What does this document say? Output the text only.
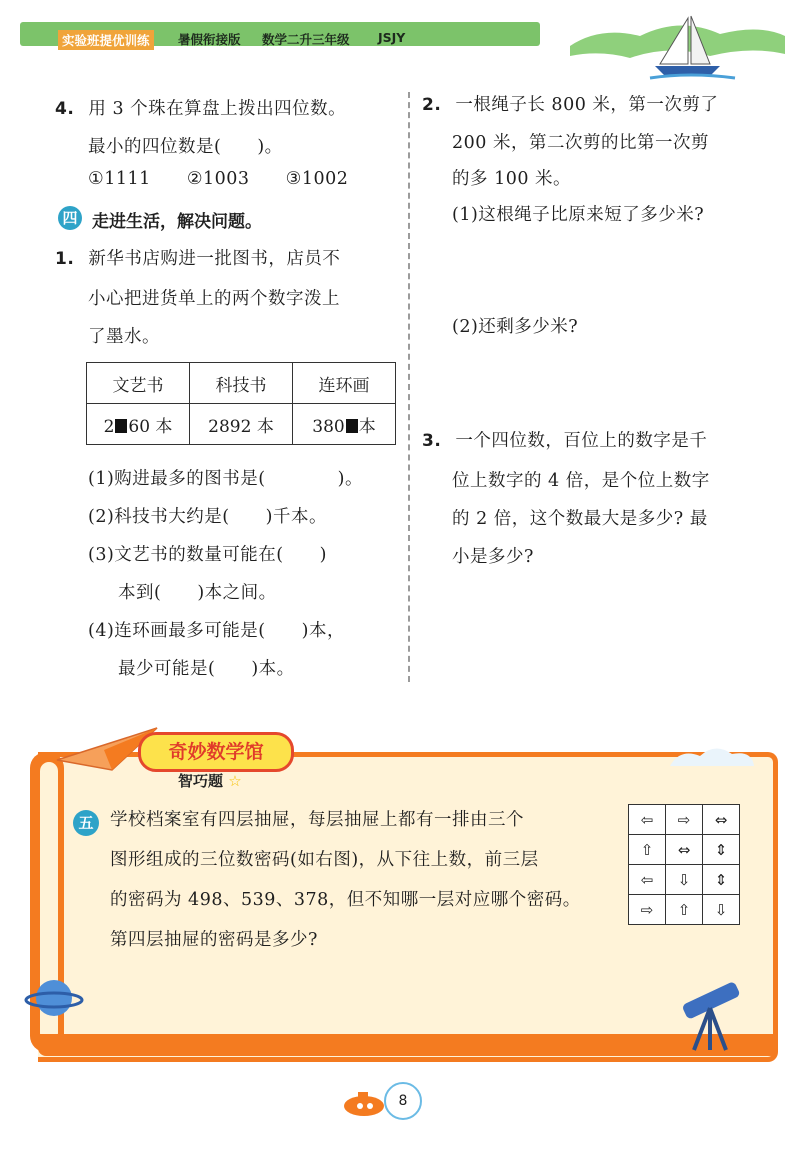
实验班提优训练	暑假衔接版 数学二升三年级 JSJY
4. 用 3 个珠在算盘上拨出四位数。
最小的四位数是(　　)。
①1111 ②1003 ③1002
四 走进生活，解决问题。
1. 新华书店购进一批图书，店员不
小心把进货单上的两个数字泼上
了墨水。
文艺书	科技书	连环画
2 60 本	2892 本	380 本
(1)购进最多的图书是(　　　　)。
(2)科技书大约是(　　)千本。
(3)文艺书的数量可能在(　　)
本到(　　)本之间。
(4)连环画最多可能是(　　)本，
最少可能是(　　)本。
2. 一根绳子长 800 米，第一次剪了
200 米，第二次剪的比第一次剪
的多 100 米。
(1)这根绳子比原来短了多少米?
(2)还剩多少米?
3. 一个四位数，百位上的数字是千
位上数字的 4 倍，是个位上数字
的 2 倍，这个数最大是多少? 最
小是多少?
奇妙数学馆
智巧题 ☆
五 学校档案室有四层抽屉，每层抽屉上都有一排由三个
图形组成的三位数密码(如右图)，从下往上数，前三层
的密码为 498、539、378，但不知哪一层对应哪个密码。
第四层抽屉的密码是多少?
⇦	⇨	⇔
⇧	⇔	⇕
⇦	⇩	⇕
⇨	⇧	⇩
8
